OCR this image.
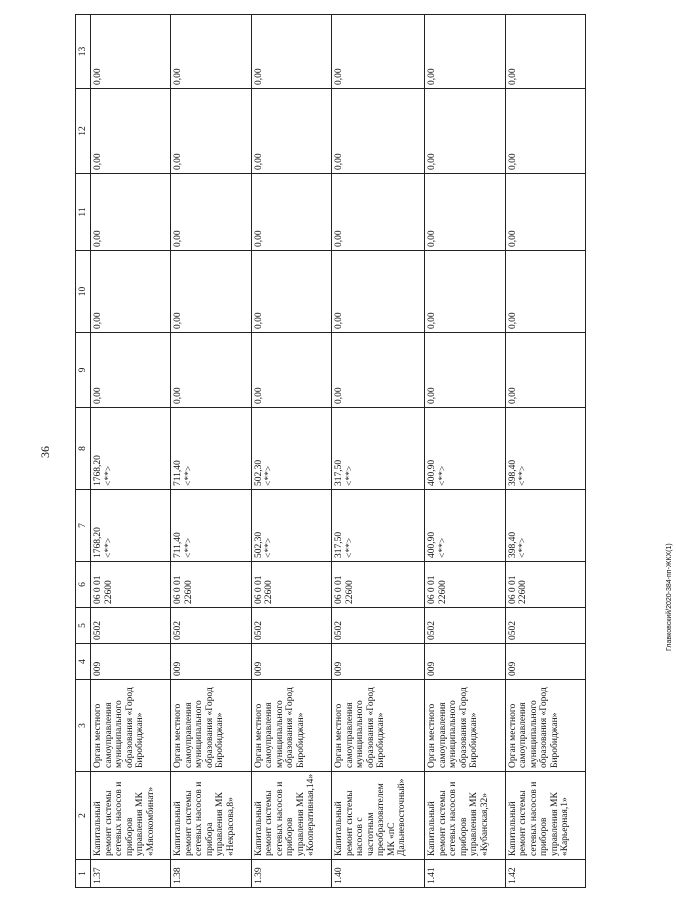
36
Главковский/2020-384-пп-ЖКХ(1)
1	2	3	4	5	6	7	8	9	10	11	12	13
1.37	Капитальный ремонт системы сетевых насосов и приборов управления МК «Мясокомбинат»	Орган местного самоуправления муниципального образования «Город Биробиджан»	009	0502	06 0 01 22600	1768,20 <**>	1768,20 <**>	0,00	0,00	0,00	0,00	0,00
1.38	Капитальный ремонт системы сетевых насосов и прибора управления МК «Некрасова,8»	Орган местного самоуправления муниципального образования «Город Биробиджан»	009	0502	06 0 01 22600	711,40 <**>	711,40 <**>	0,00	0,00	0,00	0,00	0,00
1.39	Капитальный ремонт системы сетевых насосов и приборов управления МК «Кооперативная,14»	Орган местного самоуправления муниципального образования «Город Биробиджан»	009	0502	06 0 01 22600	502,30 <**>	502,30 <**>	0,00	0,00	0,00	0,00	0,00
1.40	Капитальный ремонт системы насосов с частотным преобразователем МК «пС Дальневосточный»	Орган местного самоуправления муниципального образования «Город Биробиджан»	009	0502	06 0 01 22600	317,50 <**>	317,50 <**>	0,00	0,00	0,00	0,00	0,00
1.41	Капитальный ремонт системы сетевых насосов и приборов управления МК «Кубанская,32»	Орган местного самоуправления муниципального образования «Город Биробиджан»	009	0502	06 0 01 22600	400,90 <**>	400,90 <**>	0,00	0,00	0,00	0,00	0,00
1.42	Капитальный ремонт системы сетевых насосов и приборов управления МК «Карьерная,1»	Орган местного самоуправления муниципального образования «Город Биробиджан»	009	0502	06 0 01 22600	398,40 <**>	398,40 <**>	0,00	0,00	0,00	0,00	0,00
